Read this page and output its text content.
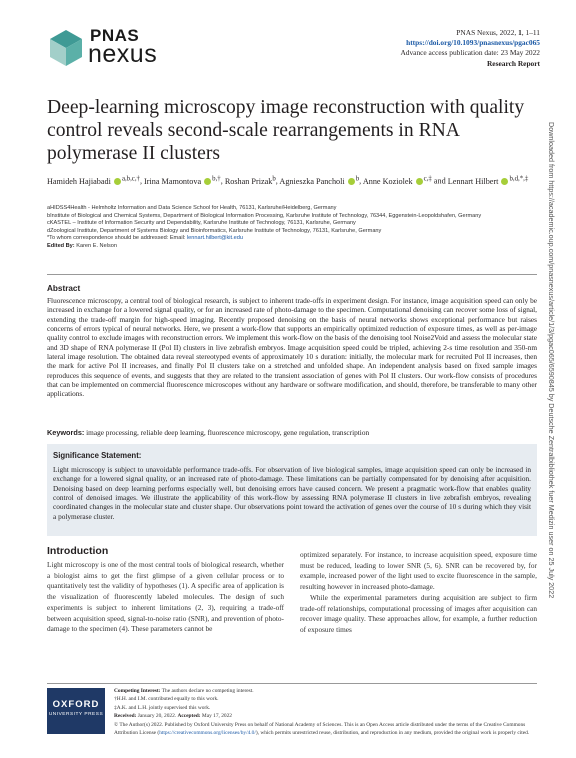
PNAS
nexus
PNAS Nexus, 2022, 1, 1–11
https://doi.org/10.1093/pnasnexus/pgac065
Advance access publication date: 23 May 2022
Research Report
Deep-learning microscopy image reconstruction with quality control reveals second-scale rearrangements in RNA polymerase II clusters
Hamideh Hajiabadi $^{a,b,c,\dagger}$, Irina Mamontova $^{b,\dagger}$, Roshan Prizak$^b$, Agnieszka Pancholi $^b$, Anne Koziolek $^{c,\ddagger}$ and Lennart Hilbert $^{b,d,*,\ddagger}$
aHIDSS4Health - Helmholtz Information and Data Science School for Health, 76131, Karlsruhe/Heidelberg, Germany
bInstitute of Biological and Chemical Systems, Department of Biological Information Processing, Karlsruhe Institute of Technology, 76344, Eggenstein-Leopoldshafen, Germany
cKASTEL – Institute of Information Security and Dependability, Karlsruhe Institute of Technology, 76131, Karlsruhe, Germany
dZoological Institute, Department of Systems Biology and Bioinformatics, Karlsruhe Institute of Technology, 76131, Karlsruhe, Germany
*To whom correspondence should be addressed: Email: lennart.hilbert@kit.edu
Edited By: Karen E. Nelson
Abstract
Fluorescence microscopy, a central tool of biological research, is subject to inherent trade-offs in experiment design. For instance, image acquisition speed can only be increased in exchange for a lowered signal quality, or for an increased rate of photo-damage to the specimen. Computational denoising can recover some loss of signal, extending the trade-off margin for high-speed imaging. Recently proposed denoising on the basis of neural networks shows exceptional performance but raises concerns of errors typical of neural networks. Here, we present a work-flow that supports an empirically optimized reduction of exposure times, as well as per-image quality control to exclude images with reconstruction errors. We implement this work-flow on the basis of the denoising tool Noise2Void and assess the molecular state and 3D shape of RNA polymerase II (Pol II) clusters in live zebrafish embryos. Image acquisition speed could be tripled, achieving 2-s time resolution and 350-nm lateral image resolution. The obtained data reveal stereotyped events of approximately 10 s duration: initially, the molecular mark for recruited Pol II increases, then the mark for active Pol II increases, and finally Pol II clusters take on a stretched and unfolded shape. An independent analysis based on fixed sample images reproduces this sequence of events, and suggests that they are related to the transient association of genes with Pol II clusters. Our work-flow consists of procedures that can be implemented on commercial fluorescence microscopes without any hardware or software modification, and should, therefore, be transferable to many other applications.
Keywords: image processing, reliable deep learning, fluorescence microscopy, gene regulation, transcription
Significance Statement:
Light microscopy is subject to unavoidable performance trade-offs. For observation of live biological samples, image acquisition speed can only be increased in exchange for a lowered signal quality, or an increased rate of photo-damage. These limitations can be partially compensated for by denoising after acquisition. Denoising based on deep learning performs especially well, but denoising errors have caused concern. We present a pragmatic work-flow that enables quality control of denoised images. We illustrate the applicability of this work-flow by assessing RNA polymerase II clusters in live zebrafish embryos, revealing coordinated changes in the molecular state and cluster shape. Our observations point toward the activation of genes over the course of 10 s during which they visit a polymerase cluster.
Introduction
Light microscopy is one of the most central tools of biological research, whether a biologist aims to get the first glimpse of a given cellular process or to quantitatively test the validity of hypotheses (1). A specific area of application is the visualization of fluorescently labeled molecules. The design of such experiments is subject to inherent limitations (2, 3), requiring a trade-off between acquisition speed, signal-to-noise ratio (SNR), and prevention of photo-damage to the specimen (4). These parameters cannot be
optimized separately. For instance, to increase acquisition speed, exposure time must be reduced, leading to lower SNR (5, 6). SNR can be recovered by, for example, increased power of the light used to excite fluorescence in the sample, resulting however in increased photo-damage.
While the experimental parameters during acquisition are subject to firm trade-off relationships, computational processing of images after acquisition can recover image quality. These approaches allow, for example, a further reduction of exposure times
OXFORD
UNIVERSITY PRESS
Competing Interest: The authors declare no competing interest.
†H.H. and I.M. contributed equally to this work.
‡A.K. and L.H. jointly supervised this work.
Received: January 20, 2022. Accepted: May 17, 2022
© The Author(s) 2022. Published by Oxford University Press on behalf of National Academy of Sciences. This is an Open Access article distributed under the terms of the Creative Commons Attribution License (https://creativecommons.org/licenses/by/4.0/), which permits unrestricted reuse, distribution, and reproduction in any medium, provided the original work is properly cited.
Downloaded from https://academic.oup.com/pnasnexus/article/1/3/pgac065/6590845 by Deutsche Zentralbibliothek fuer Medizin user on 25 July 2022
